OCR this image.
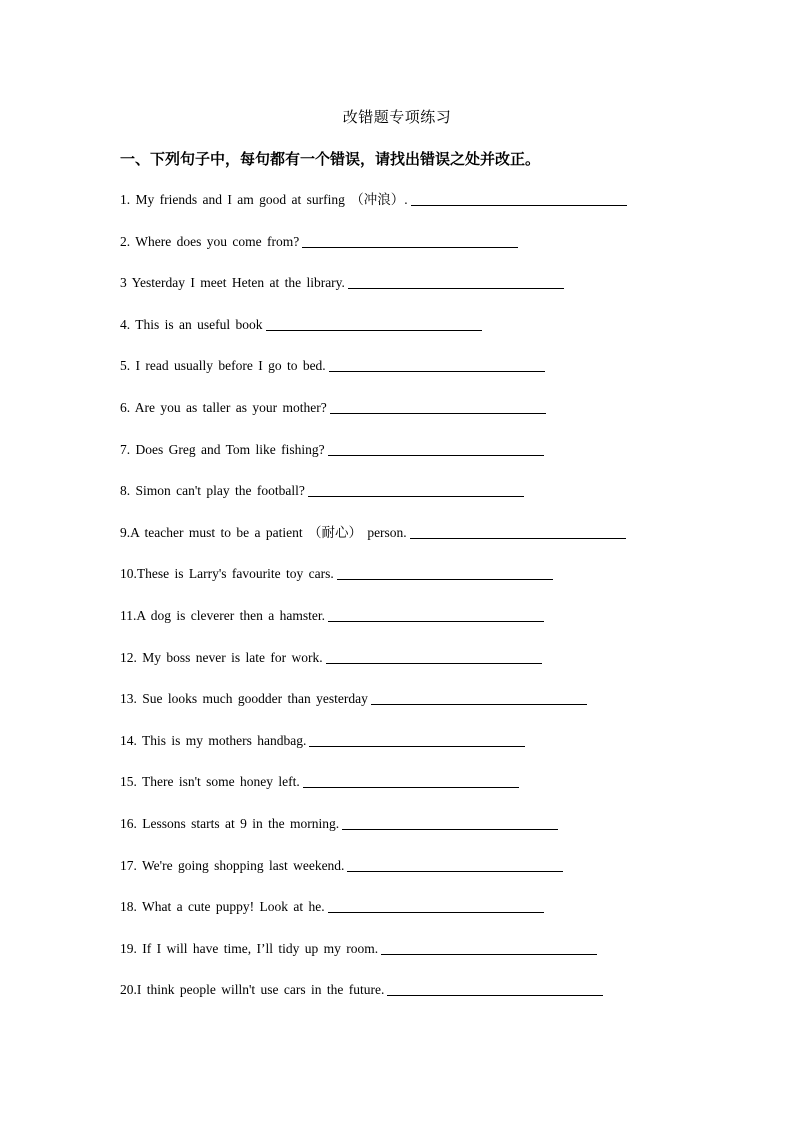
改错题专项练习
一、下列句子中，每句都有一个错误，请找出错误之处并改正。
1. My friends and I am good at surfing （冲浪）.
2. Where does you come from?
3 Yesterday I meet Heten at the library.
4. This is an useful book
5. I read usually before I go to bed.
6. Are you as taller as your mother?
7. Does Greg and Tom like fishing?
8. Simon can't play the football?
9.A teacher must to be a patient （耐心） person.
10.These is Larry's favourite toy cars.
11.A dog is cleverer then a hamster.
12. My boss never is late for work.
13. Sue looks much goodder than yesterday
14. This is my mothers handbag.
15. There isn't some honey left.
16. Lessons starts at 9 in the morning.
17. We're going shopping last weekend.
18. What a cute puppy! Look at he.
19. If I will have time, I’ll tidy up my room.
20.I think people willn't use cars in the future.
